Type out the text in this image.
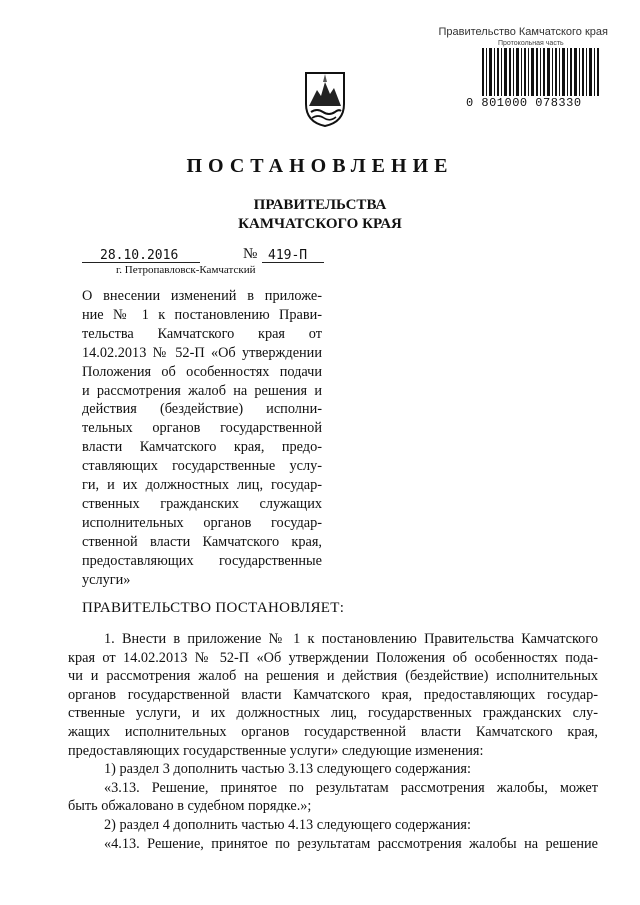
Правительство Камчатского края
Протокольная часть
0 801000 078330
ПОСТАНОВЛЕНИЕ
ПРАВИТЕЛЬСТВА
КАМЧАТСКОГО КРАЯ
28.10.2016	№ 419-П
г. Петропавловск-Камчатский
О внесении изменений в приложе-
ние № 1 к постановлению Прави-
тельства Камчатского края от
14.02.2013 № 52-П «Об утверждении
Положения об особенностях подачи
и рассмотрения жалоб на решения и
действия (бездействие) исполни-
тельных органов государственной
власти Камчатского края, предо-
ставляющих государственные услу-
ги, и их должностных лиц, государ-
ственных гражданских служащих
исполнительных органов государ-
ственной власти Камчатского края,
предоставляющих государственные
услуги»
ПРАВИТЕЛЬСТВО ПОСТАНОВЛЯЕТ:
1. Внести в приложение № 1 к постановлению Правительства Камчатского
края от 14.02.2013 № 52-П «Об утверждении Положения об особенностях пода-
чи и рассмотрения жалоб на решения и действия (бездействие) исполнительных
органов государственной власти Камчатского края, предоставляющих государ-
ственные услуги, и их должностных лиц, государственных гражданских слу-
жащих исполнительных органов государственной власти Камчатского края,
предоставляющих государственные услуги» следующие изменения:
1) раздел 3 дополнить частью 3.13 следующего содержания:
«3.13. Решение, принятое по результатам рассмотрения жалобы, может
быть обжаловано в судебном порядке.»;
2) раздел 4 дополнить частью 4.13 следующего содержания:
«4.13. Решение, принятое по результатам рассмотрения жалобы на решение
